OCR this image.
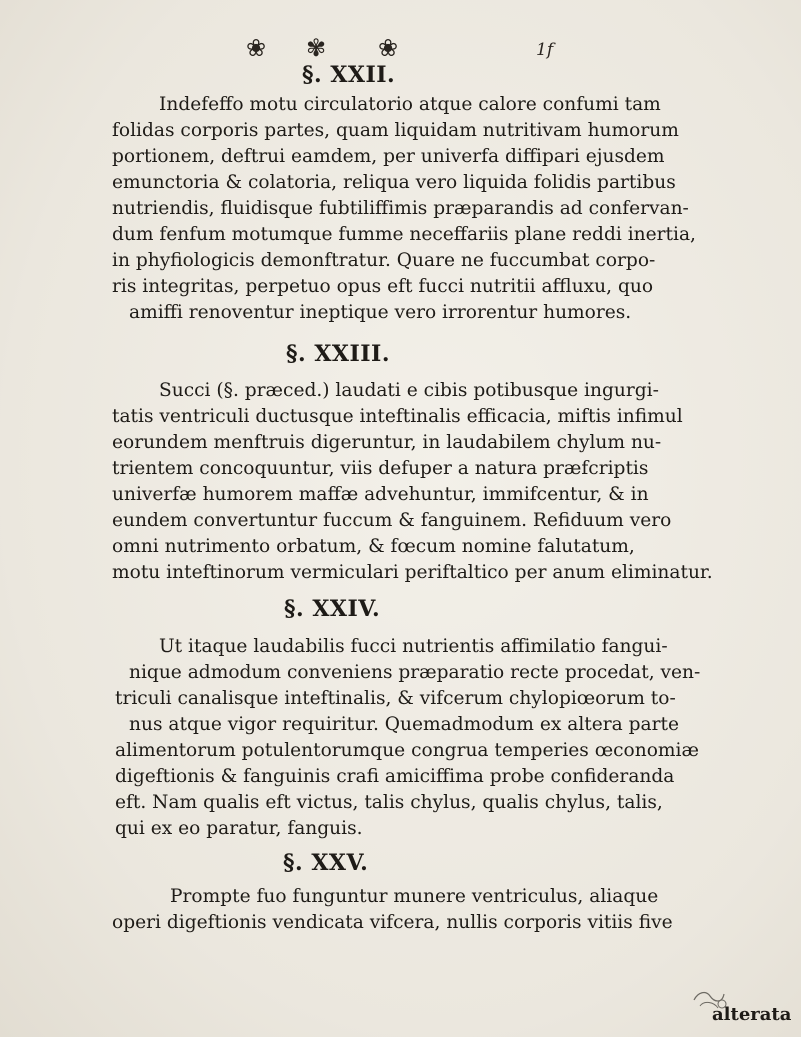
❀ ✾ ❀	1f
§. XXII.
Indefeffo motu circulatorio atque calore confumi tam
folidas corporis partes, quam liquidam nutritivam humorum
portionem, deftrui eamdem, per univerfa diffipari ejusdem
emunctoria & colatoria, reliqua vero liquida folidis partibus
nutriendis, fluidisque fubtiliffimis præparandis ad confervan-
dum fenfum motumque fumme neceffariis plane reddi inertia,
in phyfiologicis demonftratur. Quare ne fuccumbat corpo-
ris integritas, perpetuo opus eft fucci nutritii affluxu, quo
amiffi renoventur ineptique vero irrorentur humores.
§. XXIII.
Succi (§. præced.) laudati e cibis potibusque ingurgi-
tatis ventriculi ductusque inteftinalis efficacia, miftis infimul
eorundem menftruis digeruntur, in laudabilem chylum nu-
trientem concoquuntur, viis defuper a natura præfcriptis
univerfæ humorem maffæ advehuntur, immifcentur, & in
eundem convertuntur fuccum & fanguinem. Refiduum vero
omni nutrimento orbatum, & fœcum nomine falutatum,
motu inteftinorum vermiculari periftaltico per anum eliminatur.
§. XXIV.
Ut itaque laudabilis fucci nutrientis affimilatio fangui-
nique admodum conveniens præparatio recte procedat, ven-
triculi canalisque inteftinalis, & vifcerum chylopiœorum to-
nus atque vigor requiritur. Quemadmodum ex altera parte
alimentorum potulentorumque congrua temperies œconomiæ
digeftionis & fanguinis crafi amiciffima probe confideranda
eft. Nam qualis eft victus, talis chylus, qualis chylus, talis,
qui ex eo paratur, fanguis.
§. XXV.
Prompte fuo funguntur munere ventriculus, aliaque
operi digeftionis vendicata vifcera, nullis corporis vitiis five
alterata
